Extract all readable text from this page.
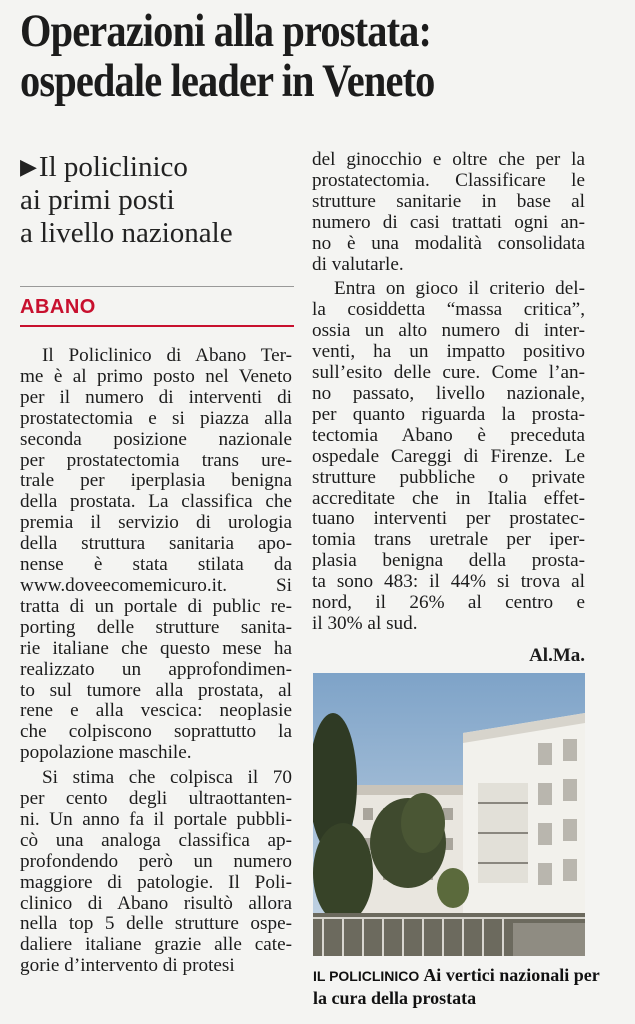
Operazioni alla prostata:
ospedale leader in Veneto
▶Il policlinico
ai primi posti
a livello nazionale
ABANO

Il Policlinico di Abano Ter-
me è al primo posto nel Veneto
per il numero di interventi di
prostatectomia e si piazza alla
seconda posizione nazionale
per prostatectomia trans ure-
trale per iperplasia benigna
della prostata. La classifica che
premia il servizio di urologia
della struttura sanitaria apo-
nense è stata stilata da
www.doveecomemicuro.it. Si
tratta di un portale di public re-
porting delle strutture sanita-
rie italiane che questo mese ha
realizzato un approfondimen-
to sul tumore alla prostata, al
rene e alla vescica: neoplasie
che colpiscono soprattutto la
popolazione maschile.

Si stima che colpisca il 70
per cento degli ultraottanten-
ni. Un anno fa il portale pubbli-
cò una analoga classifica ap-
profondendo però un numero
maggiore di patologie. Il Poli-
clinico di Abano risultò allora
nella top 5 delle strutture ospe-
daliere italiane grazie alle cate-
gorie d’intervento di protesi

del ginocchio e oltre che per la
prostatectomia. Classificare le
strutture sanitarie in base al
numero di casi trattati ogni an-
no è una modalità consolidata
di valutarle.

Entra on gioco il criterio del-
la cosiddetta “massa critica”,
ossia un alto numero di inter-
venti, ha un impatto positivo
sull’esito delle cure. Come l’an-
no passato, livello nazionale,
per quanto riguarda la prosta-
tectomia Abano è preceduta
ospedale Careggi di Firenze. Le
strutture pubbliche o private
accreditate che in Italia effet-
tuano interventi per prostatec-
tomia trans uretrale per iper-
plasia benigna della prosta-
ta sono 483: il 44% si trova al
nord, il 26% al centro e
il 30% al sud.

Al.Ma.
IL POLICLINICO Ai vertici nazionali per la cura della prostata
